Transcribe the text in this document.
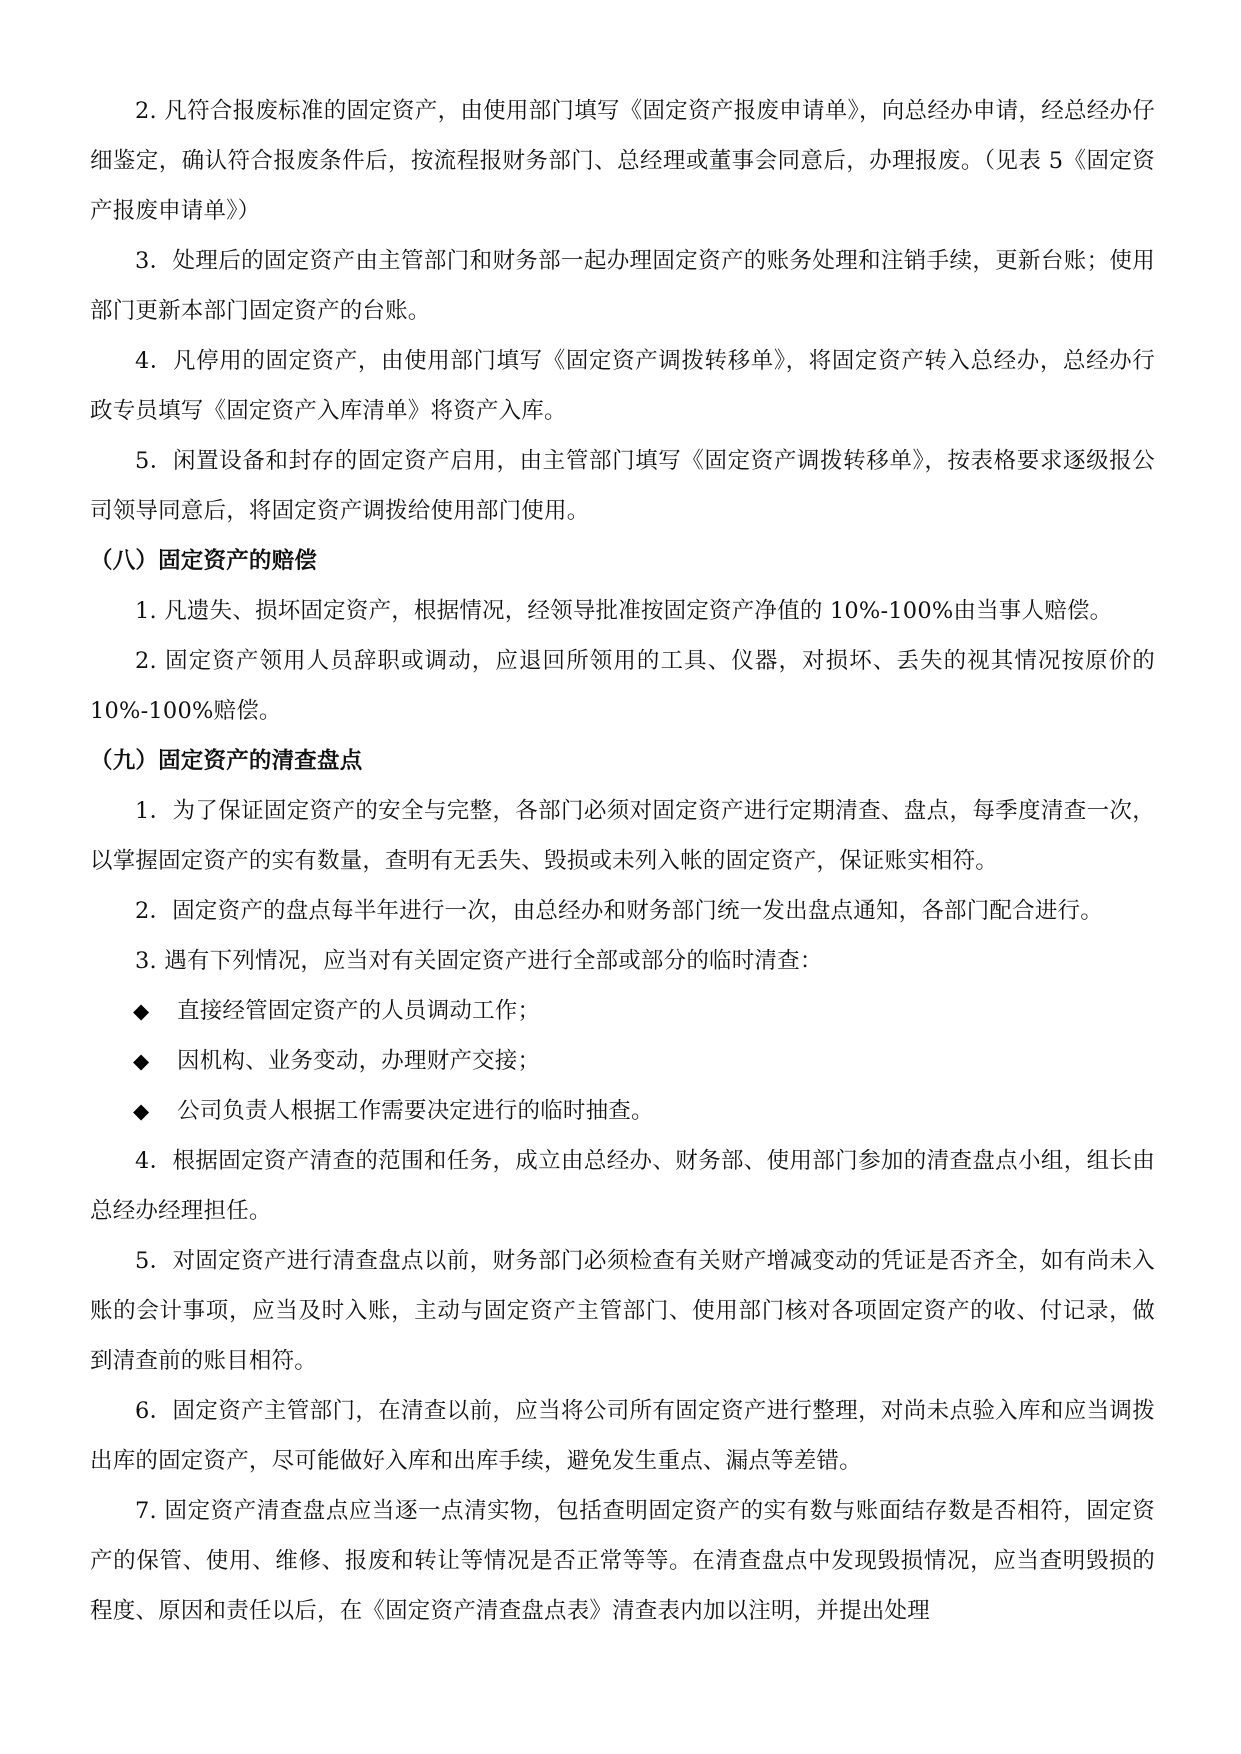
2. 凡符合报废标准的固定资产，由使用部门填写《固定资产报废申请单》，向总经办申请，经总经办仔细鉴定，确认符合报废条件后，按流程报财务部门、总经理或董事会同意后，办理报废。（见表 5《固定资产报废申请单》）

3．处理后的固定资产由主管部门和财务部一起办理固定资产的账务处理和注销手续，更新台账；使用部门更新本部门固定资产的台账。

4．凡停用的固定资产，由使用部门填写《固定资产调拨转移单》，将固定资产转入总经办，总经办行政专员填写《固定资产入库清单》将资产入库。

5．闲置设备和封存的固定资产启用，由主管部门填写《固定资产调拨转移单》，按表格要求逐级报公司领导同意后，将固定资产调拨给使用部门使用。

（八）固定资产的赔偿

1. 凡遗失、损坏固定资产，根据情况，经领导批准按固定资产净值的 10%-100%由当事人赔偿。

2. 固定资产领用人员辞职或调动，应退回所领用的工具、仪器，对损坏、丢失的视其情况按原价的 10%-100%赔偿。

（九）固定资产的清查盘点

1．为了保证固定资产的安全与完整，各部门必须对固定资产进行定期清查、盘点，每季度清查一次，以掌握固定资产的实有数量，查明有无丢失、毁损或未列入帐的固定资产，保证账实相符。

2．固定资产的盘点每半年进行一次，由总经办和财务部门统一发出盘点通知，各部门配合进行。

3. 遇有下列情况，应当对有关固定资产进行全部或部分的临时清查：

◆ 直接经管固定资产的人员调动工作；
◆ 因机构、业务变动，办理财产交接；
◆ 公司负责人根据工作需要决定进行的临时抽查。

4．根据固定资产清查的范围和任务，成立由总经办、财务部、使用部门参加的清查盘点小组，组长由总经办经理担任。

5．对固定资产进行清查盘点以前，财务部门必须检查有关财产增减变动的凭证是否齐全，如有尚未入账的会计事项，应当及时入账，主动与固定资产主管部门、使用部门核对各项固定资产的收、付记录，做到清查前的账目相符。

6．固定资产主管部门，在清查以前，应当将公司所有固定资产进行整理，对尚未点验入库和应当调拨出库的固定资产，尽可能做好入库和出库手续，避免发生重点、漏点等差错。

7. 固定资产清查盘点应当逐一点清实物，包括查明固定资产的实有数与账面结存数是否相符，固定资产的保管、使用、维修、报废和转让等情况是否正常等等。在清查盘点中发现毁损情况，应当查明毁损的程度、原因和责任以后，在《固定资产清查盘点表》清查表内加以注明，并提出处理
